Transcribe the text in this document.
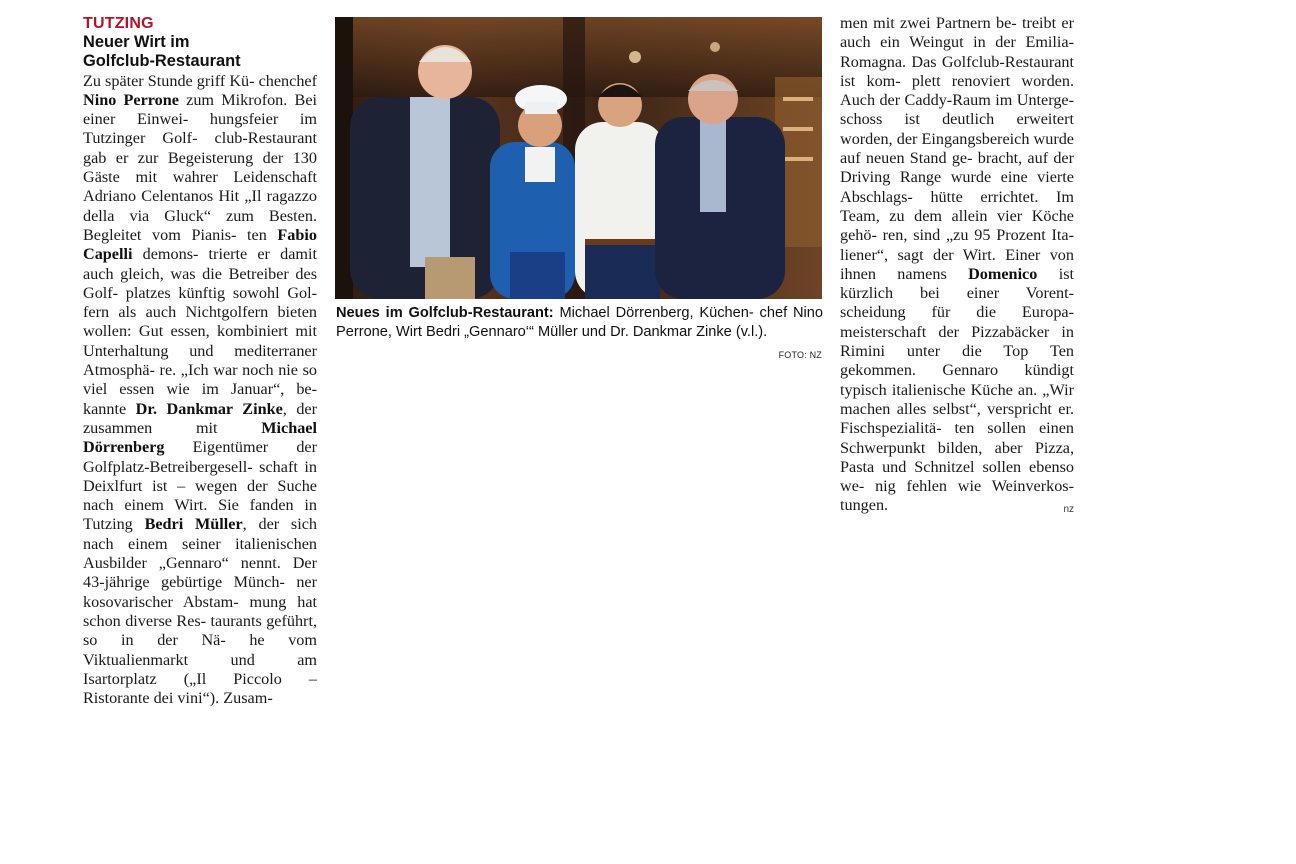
TUTZING
Neuer Wirt im
Golfclub-Restaurant

Zu später Stunde griff Kü- chenchef Nino Perrone zum Mikrofon. Bei einer Einwei- hungsfeier im Tutzinger Golf- club-Restaurant gab er zur Begeisterung der 130 Gäste mit wahrer Leidenschaft Adriano Celentanos Hit „Il ragazzo della via Gluck“ zum Besten. Begleitet vom Pianis- ten Fabio Capelli demons- trierte er damit auch gleich, was die Betreiber des Golf- platzes künftig sowohl Gol- fern als auch Nichtgolfern bieten wollen: Gut essen, kombiniert mit Unterhaltung und mediterraner Atmosphä- re. „Ich war noch nie so viel essen wie im Januar“, be- kannte Dr. Dankmar Zinke, der zusammen mit Michael Dörrenberg Eigentümer der Golfplatz-Betreibergesell- schaft in Deixlfurt ist – wegen der Suche nach einem Wirt. Sie fanden in Tutzing Bedri Müller, der sich nach einem seiner italienischen Ausbilder „Gennaro“ nennt. Der 43-jährige gebürtige Münch- ner kosovarischer Abstam- mung hat schon diverse Res- taurants geführt, so in der Nä- he vom Viktualienmarkt und am Isartorplatz („Il Piccolo – Ristorante dei vini“). Zusam-

Neues im Golfclub-Restaurant: Michael Dörrenberg, Küchen- chef Nino Perrone, Wirt Bedri „Gennaro‘“ Müller und Dr. Dankmar Zinke (v.l.).
FOTO: NZ

men mit zwei Partnern be- treibt er auch ein Weingut in der Emilia-Romagna. Das Golfclub-Restaurant ist kom- plett renoviert worden. Auch der Caddy-Raum im Unterge- schoss ist deutlich erweitert worden, der Eingangsbereich wurde auf neuen Stand ge- bracht, auf der Driving Range wurde eine vierte Abschlags- hütte errichtet. Im Team, zu dem allein vier Köche gehö- ren, sind „zu 95 Prozent Ita- liener“, sagt der Wirt. Einer von ihnen namens Domenico ist kürzlich bei einer Vorent- scheidung für die Europa- meisterschaft der Pizzabäcker in Rimini unter die Top Ten gekommen. Gennaro kündigt typisch italienische Küche an. „Wir machen alles selbst“, verspricht er. Fischspezialitä- ten sollen einen Schwerpunkt bilden, aber Pizza, Pasta und Schnitzel sollen ebenso we- nig fehlen wie Weinverkos- tungen.	nz
